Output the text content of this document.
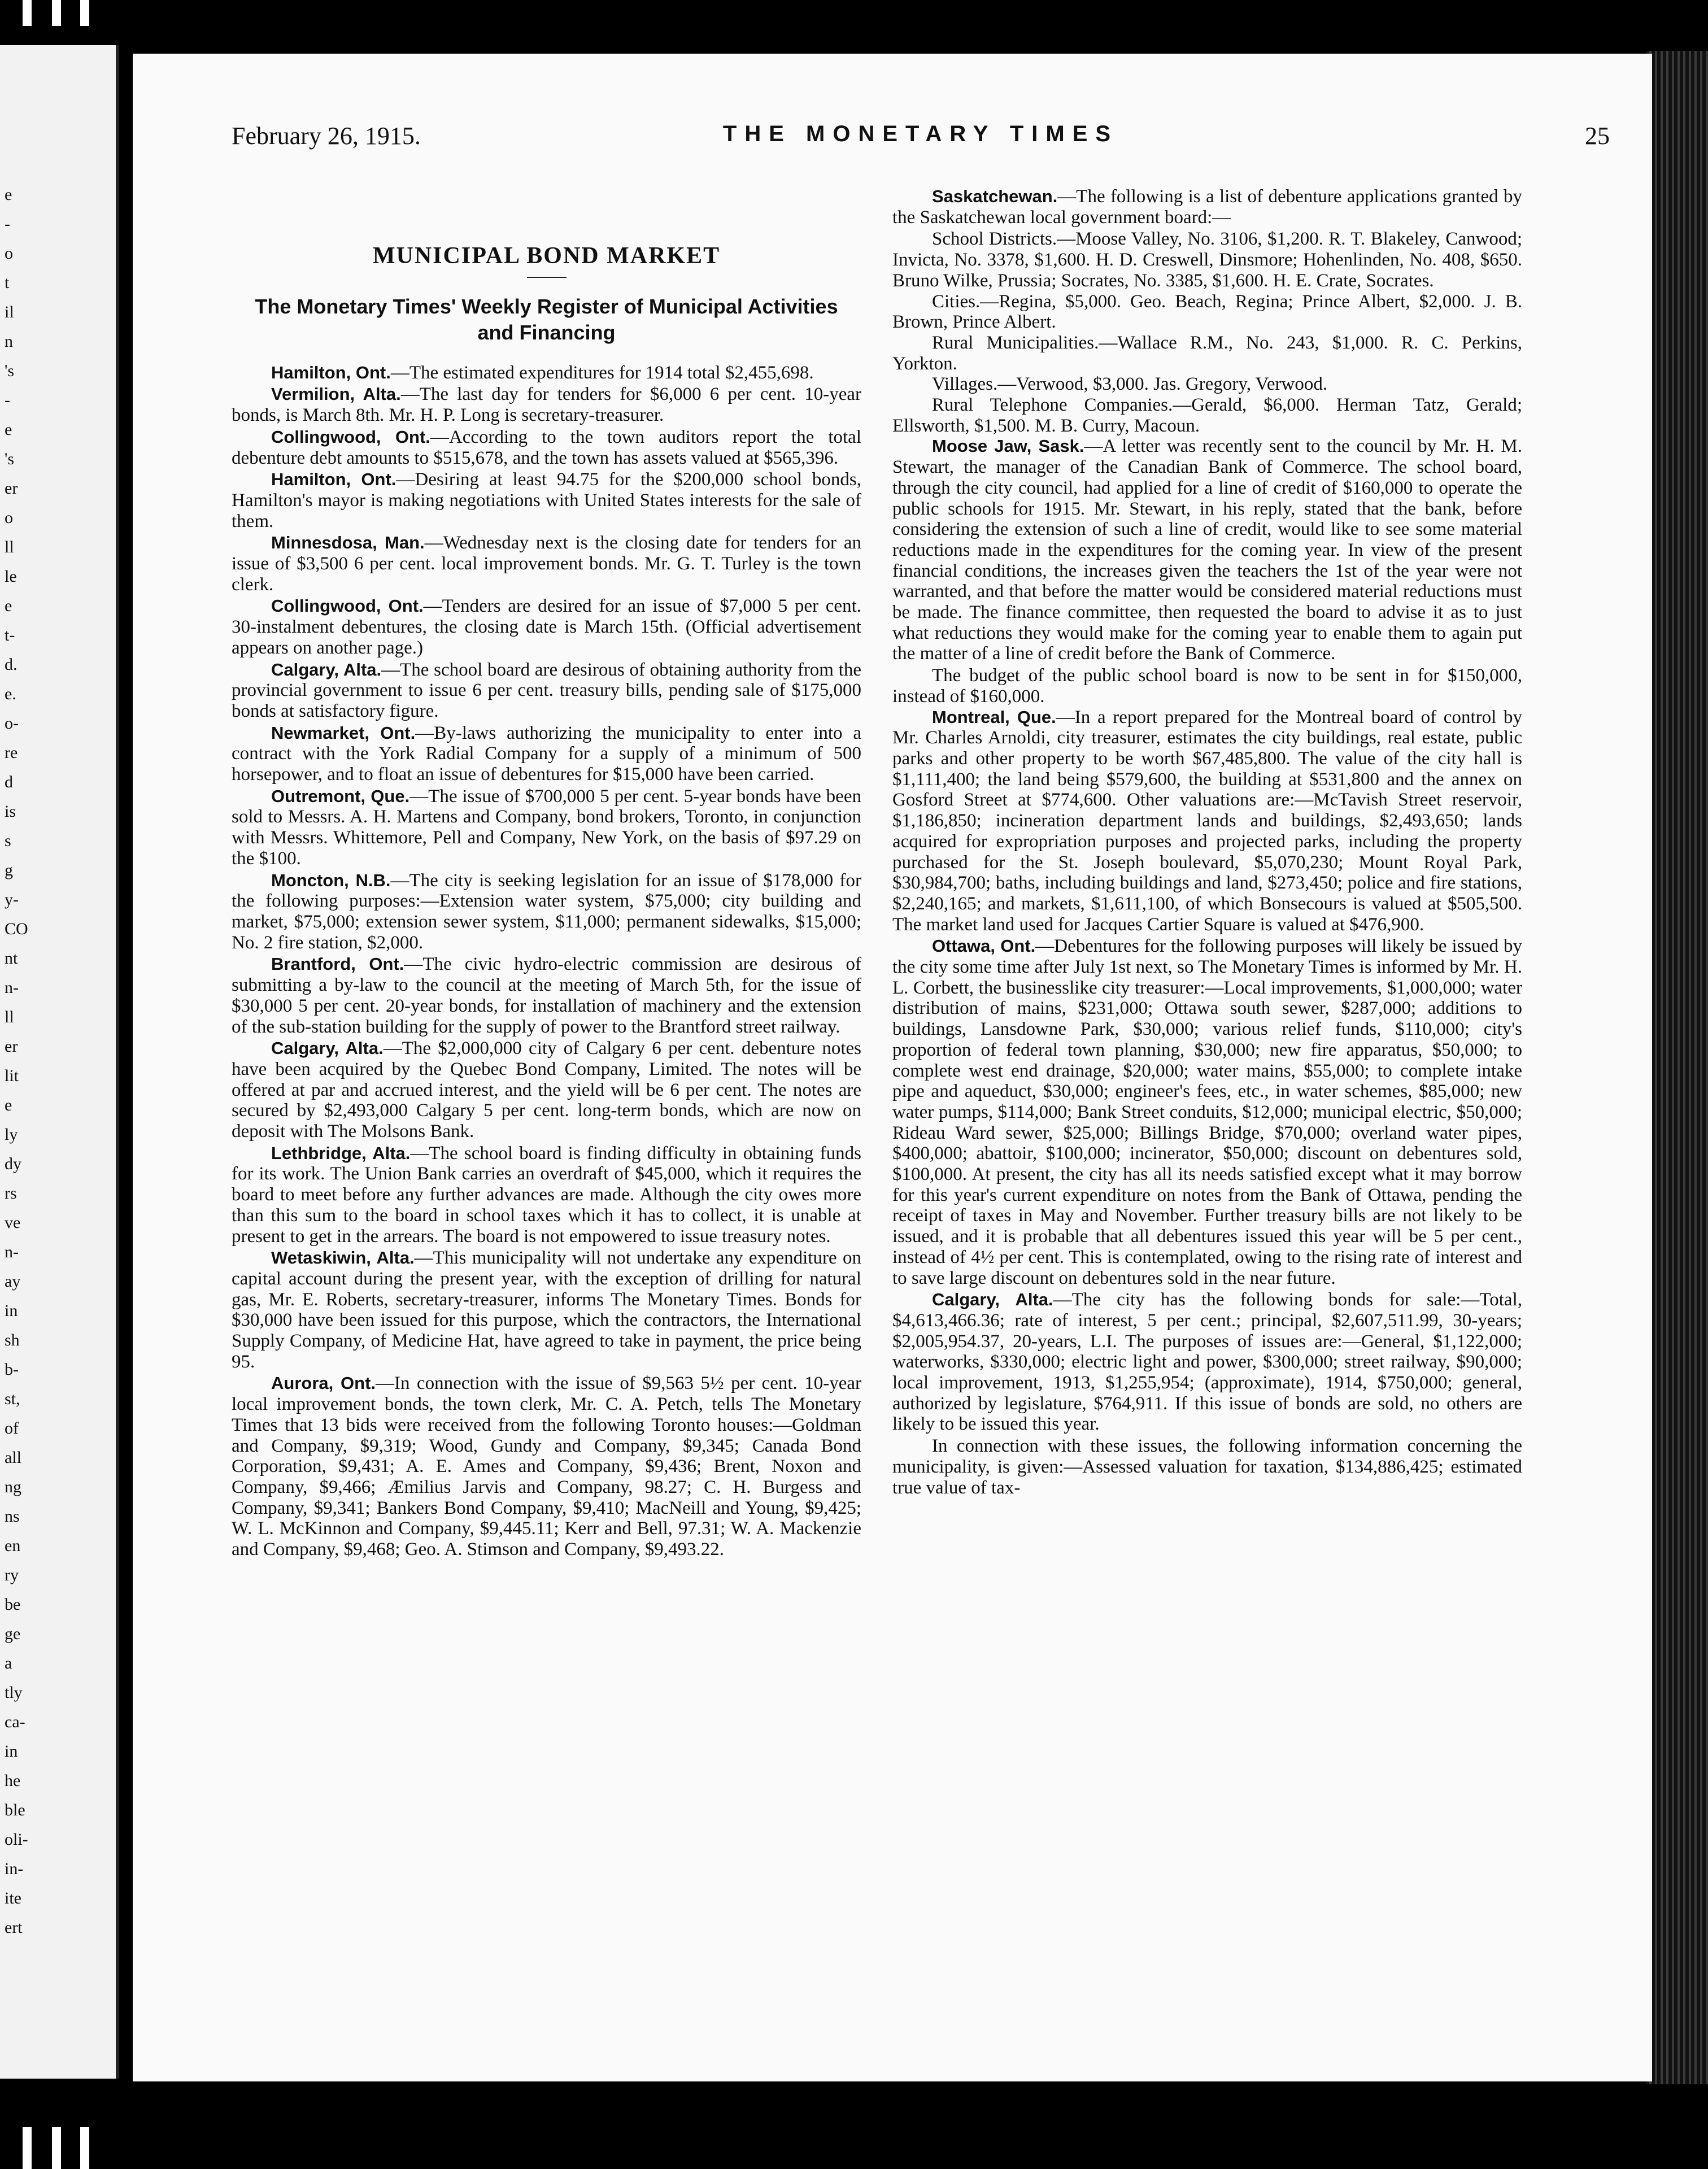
e
-
o
t
il
n
's
-
e
's
er
o
ll
le
e
t-
d.
e.
o-
re
d
is
s
g
y-
CO
nt
n-
ll
er
lit
e
ly
dy
rs
ve
n-
ay
in
sh
b-
st,
of
all
ng
ns
en
ry
be
ge
a
tly
ca-
in
he
ble
oli-
in-
ite
ert
February 26, 1915.	THE MONETARY TIMES	25
MUNICIPAL BOND MARKET
The Monetary Times' Weekly Register of Municipal Activities and Financing

Hamilton, Ont.—The estimated expenditures for 1914 total $2,455,698.

Vermilion, Alta.—The last day for tenders for $6,000 6 per cent. 10-year bonds, is March 8th. Mr. H. P. Long is secretary-treasurer.

Collingwood, Ont.—According to the town auditors report the total debenture debt amounts to $515,678, and the town has assets valued at $565,396.

Hamilton, Ont.—Desiring at least 94.75 for the $200,000 school bonds, Hamilton's mayor is making negotiations with United States interests for the sale of them.

Minnesdosa, Man.—Wednesday next is the closing date for tenders for an issue of $3,500 6 per cent. local improvement bonds. Mr. G. T. Turley is the town clerk.

Collingwood, Ont.—Tenders are desired for an issue of $7,000 5 per cent. 30-instalment debentures, the closing date is March 15th. (Official advertisement appears on another page.)

Calgary, Alta.—The school board are desirous of obtaining authority from the provincial government to issue 6 per cent. treasury bills, pending sale of $175,000 bonds at satisfactory figure.

Newmarket, Ont.—By-laws authorizing the municipality to enter into a contract with the York Radial Company for a supply of a minimum of 500 horsepower, and to float an issue of debentures for $15,000 have been carried.

Outremont, Que.—The issue of $700,000 5 per cent. 5-year bonds have been sold to Messrs. A. H. Martens and Company, bond brokers, Toronto, in conjunction with Messrs. Whittemore, Pell and Company, New York, on the basis of $97.29 on the $100.

Moncton, N.B.—The city is seeking legislation for an issue of $178,000 for the following purposes:—Extension water system, $75,000; city building and market, $75,000; extension sewer system, $11,000; permanent sidewalks, $15,000; No. 2 fire station, $2,000.

Brantford, Ont.—The civic hydro-electric commission are desirous of submitting a by-law to the council at the meeting of March 5th, for the issue of $30,000 5 per cent. 20-year bonds, for installation of machinery and the extension of the sub-station building for the supply of power to the Brantford street railway.

Calgary, Alta.—The $2,000,000 city of Calgary 6 per cent. debenture notes have been acquired by the Quebec Bond Company, Limited. The notes will be offered at par and accrued interest, and the yield will be 6 per cent. The notes are secured by $2,493,000 Calgary 5 per cent. long-term bonds, which are now on deposit with The Molsons Bank.

Lethbridge, Alta.—The school board is finding difficulty in obtaining funds for its work. The Union Bank carries an overdraft of $45,000, which it requires the board to meet before any further advances are made. Although the city owes more than this sum to the board in school taxes which it has to collect, it is unable at present to get in the arrears. The board is not empowered to issue treasury notes.

Wetaskiwin, Alta.—This municipality will not undertake any expenditure on capital account during the present year, with the exception of drilling for natural gas, Mr. E. Roberts, secretary-treasurer, informs The Monetary Times. Bonds for $30,000 have been issued for this purpose, which the contractors, the International Supply Company, of Medicine Hat, have agreed to take in payment, the price being 95.

Aurora, Ont.—In connection with the issue of $9,563 5½ per cent. 10-year local improvement bonds, the town clerk, Mr. C. A. Petch, tells The Monetary Times that 13 bids were received from the following Toronto houses:—Goldman and Company, $9,319; Wood, Gundy and Company, $9,345; Canada Bond Corporation, $9,431; A. E. Ames and Company, $9,436; Brent, Noxon and Company, $9,466; Æmilius Jarvis and Company, 98.27; C. H. Burgess and Company, $9,341; Bankers Bond Company, $9,410; MacNeill and Young, $9,425; W. L. McKinnon and Company, $9,445.11; Kerr and Bell, 97.31; W. A. Mackenzie and Company, $9,468; Geo. A. Stimson and Company, $9,493.22.

Saskatchewan.—The following is a list of debenture applications granted by the Saskatchewan local government board:—

School Districts.—Moose Valley, No. 3106, $1,200. R. T. Blakeley, Canwood; Invicta, No. 3378, $1,600. H. D. Creswell, Dinsmore; Hohenlinden, No. 408, $650. Bruno Wilke, Prussia; Socrates, No. 3385, $1,600. H. E. Crate, Socrates.

Cities.—Regina, $5,000. Geo. Beach, Regina; Prince Albert, $2,000. J. B. Brown, Prince Albert.

Rural Municipalities.—Wallace R.M., No. 243, $1,000. R. C. Perkins, Yorkton.

Villages.—Verwood, $3,000. Jas. Gregory, Verwood.

Rural Telephone Companies.—Gerald, $6,000. Herman Tatz, Gerald; Ellsworth, $1,500. M. B. Curry, Macoun.

Moose Jaw, Sask.—A letter was recently sent to the council by Mr. H. M. Stewart, the manager of the Canadian Bank of Commerce. The school board, through the city council, had applied for a line of credit of $160,000 to operate the public schools for 1915. Mr. Stewart, in his reply, stated that the bank, before considering the extension of such a line of credit, would like to see some material reductions made in the expenditures for the coming year. In view of the present financial conditions, the increases given the teachers the 1st of the year were not warranted, and that before the matter would be considered material reductions must be made. The finance committee, then requested the board to advise it as to just what reductions they would make for the coming year to enable them to again put the matter of a line of credit before the Bank of Commerce.

The budget of the public school board is now to be sent in for $150,000, instead of $160,000.

Montreal, Que.—In a report prepared for the Montreal board of control by Mr. Charles Arnoldi, city treasurer, estimates the city buildings, real estate, public parks and other property to be worth $67,485,800. The value of the city hall is $1,111,400; the land being $579,600, the building at $531,800 and the annex on Gosford Street at $774,600. Other valuations are:—McTavish Street reservoir, $1,186,850; incineration department lands and buildings, $2,493,650; lands acquired for expropriation purposes and projected parks, including the property purchased for the St. Joseph boulevard, $5,070,230; Mount Royal Park, $30,984,700; baths, including buildings and land, $273,450; police and fire stations, $2,240,165; and markets, $1,611,100, of which Bonsecours is valued at $505,500. The market land used for Jacques Cartier Square is valued at $476,900.

Ottawa, Ont.—Debentures for the following purposes will likely be issued by the city some time after July 1st next, so The Monetary Times is informed by Mr. H. L. Corbett, the businesslike city treasurer:—Local improvements, $1,000,000; water distribution of mains, $231,000; Ottawa south sewer, $287,000; additions to buildings, Lansdowne Park, $30,000; various relief funds, $110,000; city's proportion of federal town planning, $30,000; new fire apparatus, $50,000; to complete west end drainage, $20,000; water mains, $55,000; to complete intake pipe and aqueduct, $30,000; engineer's fees, etc., in water schemes, $85,000; new water pumps, $114,000; Bank Street conduits, $12,000; municipal electric, $50,000; Rideau Ward sewer, $25,000; Billings Bridge, $70,000; overland water pipes, $400,000; abattoir, $100,000; incinerator, $50,000; discount on debentures sold, $100,000. At present, the city has all its needs satisfied except what it may borrow for this year's current expenditure on notes from the Bank of Ottawa, pending the receipt of taxes in May and November. Further treasury bills are not likely to be issued, and it is probable that all debentures issued this year will be 5 per cent., instead of 4½ per cent. This is contemplated, owing to the rising rate of interest and to save large discount on debentures sold in the near future.

Calgary, Alta.—The city has the following bonds for sale:—Total, $4,613,466.36; rate of interest, 5 per cent.; principal, $2,607,511.99, 30-years; $2,005,954.37, 20-years, L.I. The purposes of issues are:—General, $1,122,000; waterworks, $330,000; electric light and power, $300,000; street railway, $90,000; local improvement, 1913, $1,255,954; (approximate), 1914, $750,000; general, authorized by legislature, $764,911. If this issue of bonds are sold, no others are likely to be issued this year.

In connection with these issues, the following information concerning the municipality, is given:—Assessed valuation for taxation, $134,886,425; estimated true value of tax-
